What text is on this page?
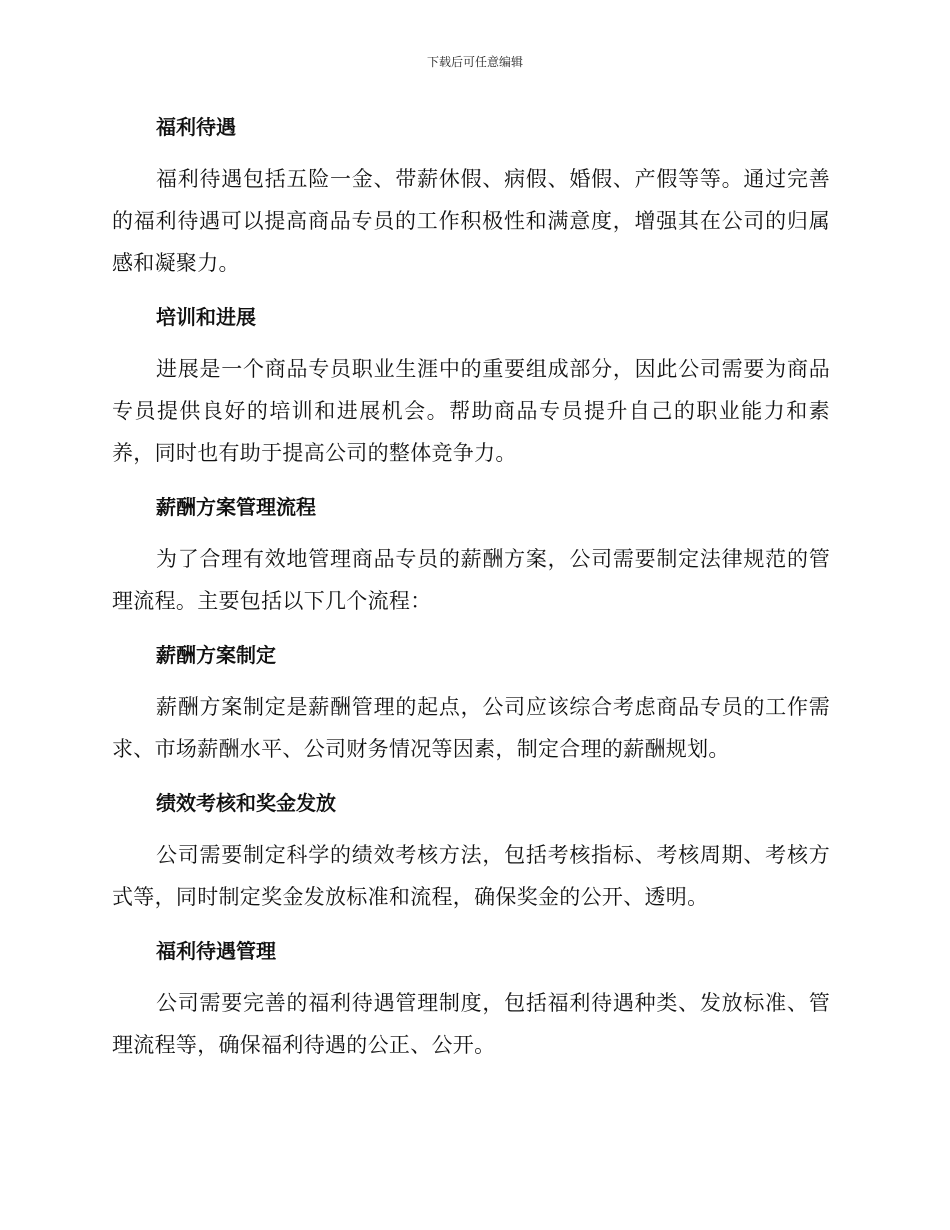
下载后可任意编辑
福利待遇

福利待遇包括五险一金、带薪休假、病假、婚假、产假等等。通过完善的福利待遇可以提高商品专员的工作积极性和满意度，增强其在公司的归属感和凝聚力。

培训和进展

进展是一个商品专员职业生涯中的重要组成部分，因此公司需要为商品专员提供良好的培训和进展机会。帮助商品专员提升自己的职业能力和素养，同时也有助于提高公司的整体竞争力。

薪酬方案管理流程

为了合理有效地管理商品专员的薪酬方案，公司需要制定法律规范的管理流程。主要包括以下几个流程：

薪酬方案制定

薪酬方案制定是薪酬管理的起点，公司应该综合考虑商品专员的工作需求、市场薪酬水平、公司财务情况等因素，制定合理的薪酬规划。

绩效考核和奖金发放

公司需要制定科学的绩效考核方法，包括考核指标、考核周期、考核方式等，同时制定奖金发放标准和流程，确保奖金的公开、透明。

福利待遇管理

公司需要完善的福利待遇管理制度，包括福利待遇种类、发放标准、管理流程等，确保福利待遇的公正、公开。
